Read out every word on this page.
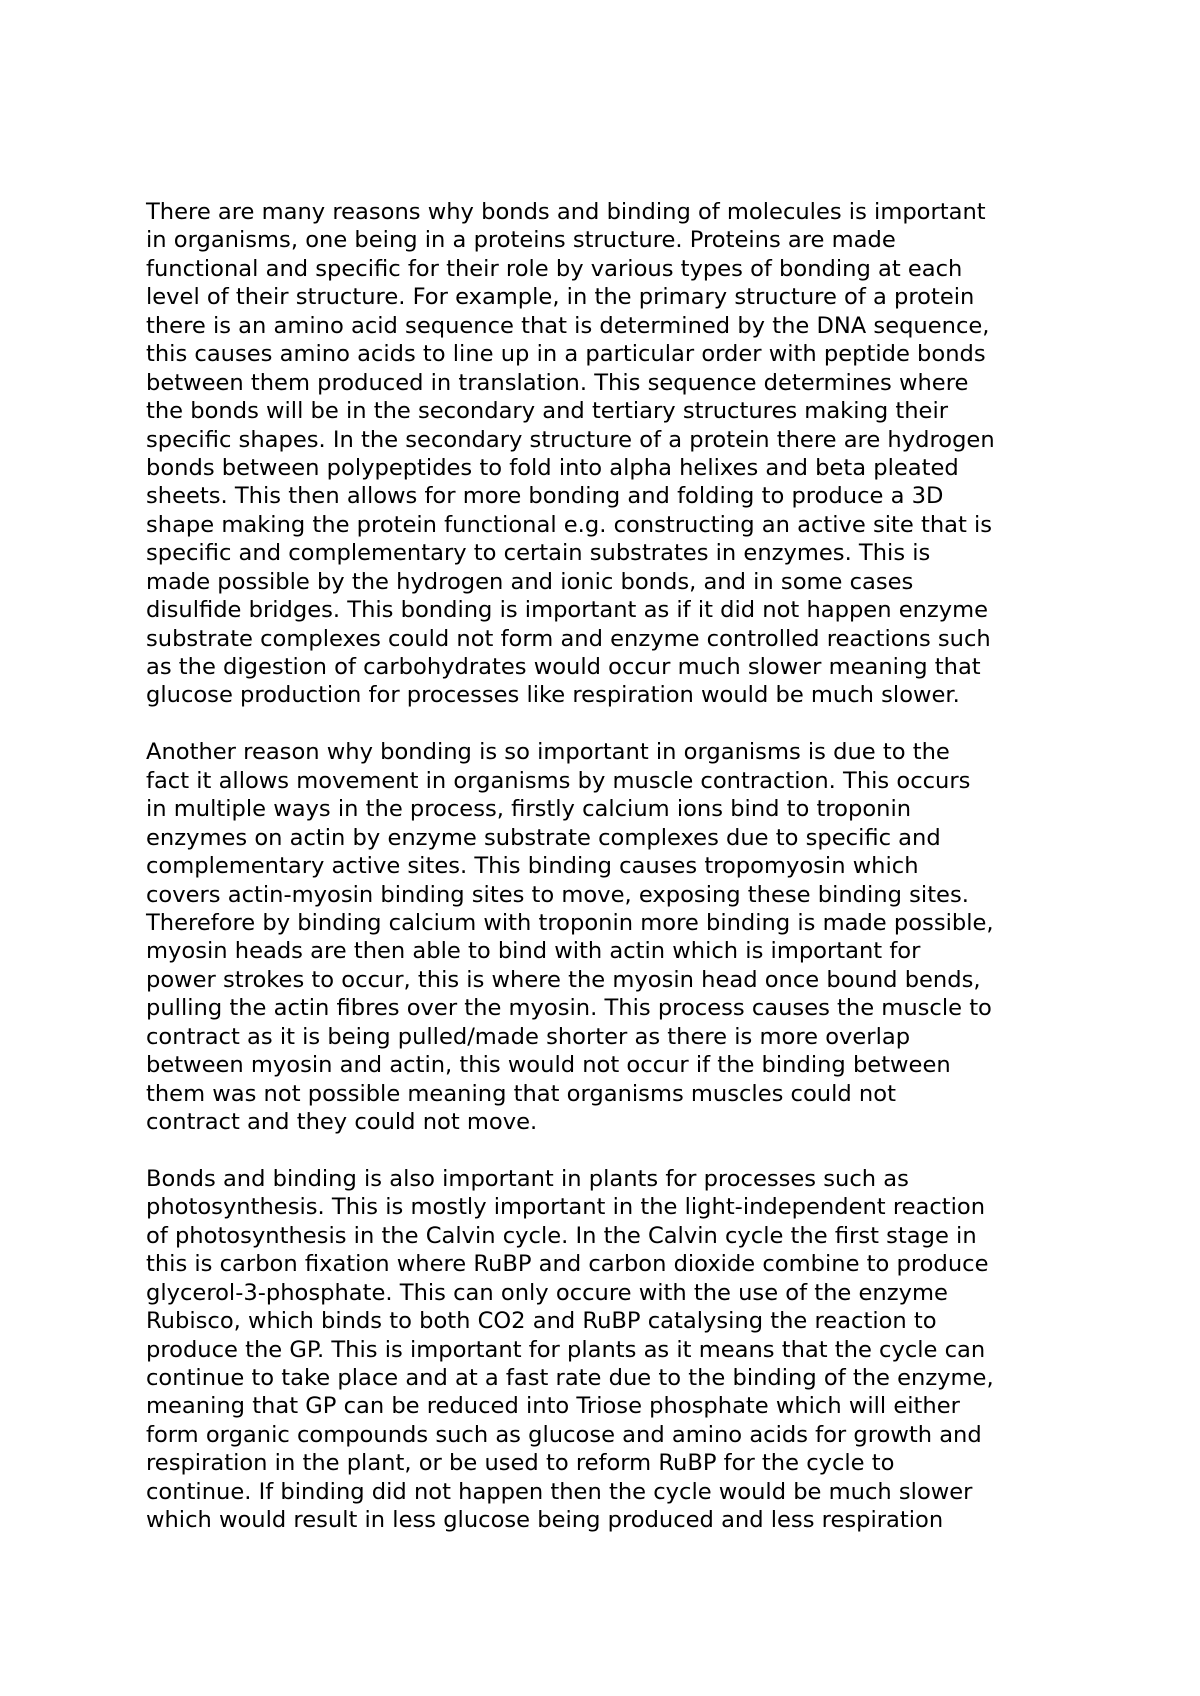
There are many reasons why bonds and binding of molecules is important
in organisms, one being in a proteins structure. Proteins are made
functional and specific for their role by various types of bonding at each
level of their structure. For example, in the primary structure of a protein
there is an amino acid sequence that is determined by the DNA sequence,
this causes amino acids to line up in a particular order with peptide bonds
between them produced in translation. This sequence determines where
the bonds will be in the secondary and tertiary structures making their
specific shapes. In the secondary structure of a protein there are hydrogen
bonds between polypeptides to fold into alpha helixes and beta pleated
sheets. This then allows for more bonding and folding to produce a 3D
shape making the protein functional e.g. constructing an active site that is
specific and complementary to certain substrates in enzymes. This is
made possible by the hydrogen and ionic bonds, and in some cases
disulfide bridges. This bonding is important as if it did not happen enzyme
substrate complexes could not form and enzyme controlled reactions such
as the digestion of carbohydrates would occur much slower meaning that
glucose production for processes like respiration would be much slower.
Another reason why bonding is so important in organisms is due to the
fact it allows movement in organisms by muscle contraction. This occurs
in multiple ways in the process, firstly calcium ions bind to troponin
enzymes on actin by enzyme substrate complexes due to specific and
complementary active sites. This binding causes tropomyosin which
covers actin-myosin binding sites to move, exposing these binding sites.
Therefore by binding calcium with troponin more binding is made possible,
myosin heads are then able to bind with actin which is important for
power strokes to occur, this is where the myosin head once bound bends,
pulling the actin fibres over the myosin. This process causes the muscle to
contract as it is being pulled/made shorter as there is more overlap
between myosin and actin, this would not occur if the binding between
them was not possible meaning that organisms muscles could not
contract and they could not move.
Bonds and binding is also important in plants for processes such as
photosynthesis. This is mostly important in the light-independent reaction
of photosynthesis in the Calvin cycle. In the Calvin cycle the first stage in
this is carbon fixation where RuBP and carbon dioxide combine to produce
glycerol-3-phosphate. This can only occure with the use of the enzyme
Rubisco, which binds to both CO2 and RuBP catalysing the reaction to
produce the GP. This is important for plants as it means that the cycle can
continue to take place and at a fast rate due to the binding of the enzyme,
meaning that GP can be reduced into Triose phosphate which will either
form organic compounds such as glucose and amino acids for growth and
respiration in the plant, or be used to reform RuBP for the cycle to
continue. If binding did not happen then the cycle would be much slower
which would result in less glucose being produced and less respiration
